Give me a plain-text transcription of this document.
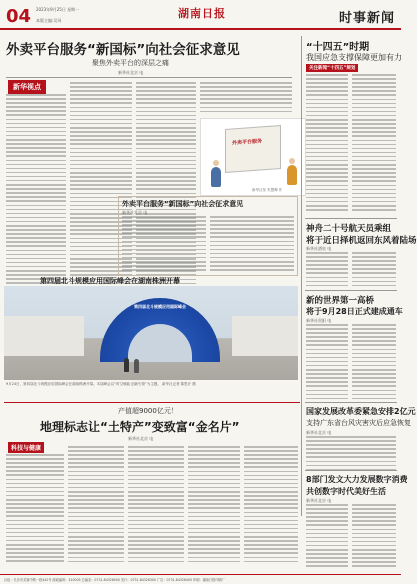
04 2023年9月25日 星期一
本版主编:吴珂
湖南日报	时事新闻
外卖平台服务“新国标”向社会征求意见
聚焦外卖平台的深层之痛
新华社北京 电
新华视点
外卖平台服务
新华社发 朱慧卿 作
外卖平台服务“新国标”向社会征求意见
新华社北京 电
“十四五”时期
我国应急支撑保障更加有力
关注新闻“十四五”规划
神舟二十号航天员乘组
将于近日择机返回东风着陆场
新华社酒泉 电
新的世界第一高桥
将于9月28日正式建成通车
新华社贵阳 电
国家发展改革委紧急安排2亿元
支持广东省台风灾害灾后应急恢复
新华社北京 电
8部门发文大力发展数字消费
共创数字时代美好生活
新华社北京 电
第四届北斗规模应用国际峰会在湖南株洲开幕
第四届北斗规模应用国际峰会
9月24日，第四届北斗规模应用国际峰会在湖南株洲开幕。本届峰会以“时空赋能 创新引领”为主题。 新华社记者 陈思汗 摄
产值超9000亿元！
地理标志让“土特产”变致富“金名片”
新华社北京 电
科技与健康
社址：长沙市芙蓉中路一段442号 邮政编码：410005 总编室：0731-84326000 发行：0731-84326300 广告：0731-84326400 印刷：湖南日报印刷厂
